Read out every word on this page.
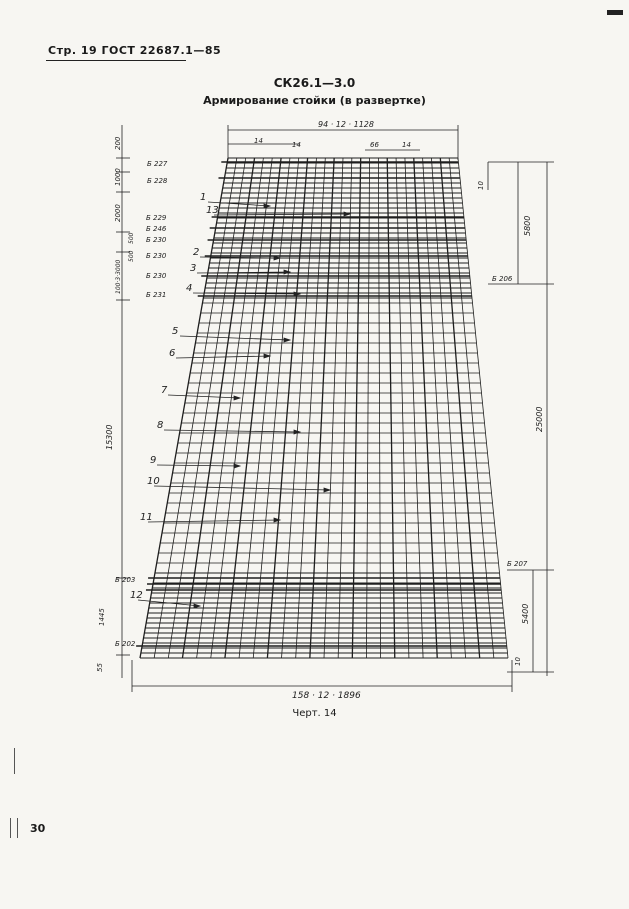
Стр. 19 ГОСТ 22687.1—85
СК26.1—3.0
Армирование стойки (в развертке)
94 · 12 · 1128
14	14	66	14
158 · 12 · 1896
200
1000
2000
500
500
100·3·3000
15300
1445
55
10
5800
25000
5400
10
Б 227
Б 228
Б 229
Б 246
Б 230
Б 230
Б 230
Б 231
Б 206
Б 203
Б 202
Б 207
1
13
2
3
4
5
6
7
8
9
10
11
12
Черт. 14
30
